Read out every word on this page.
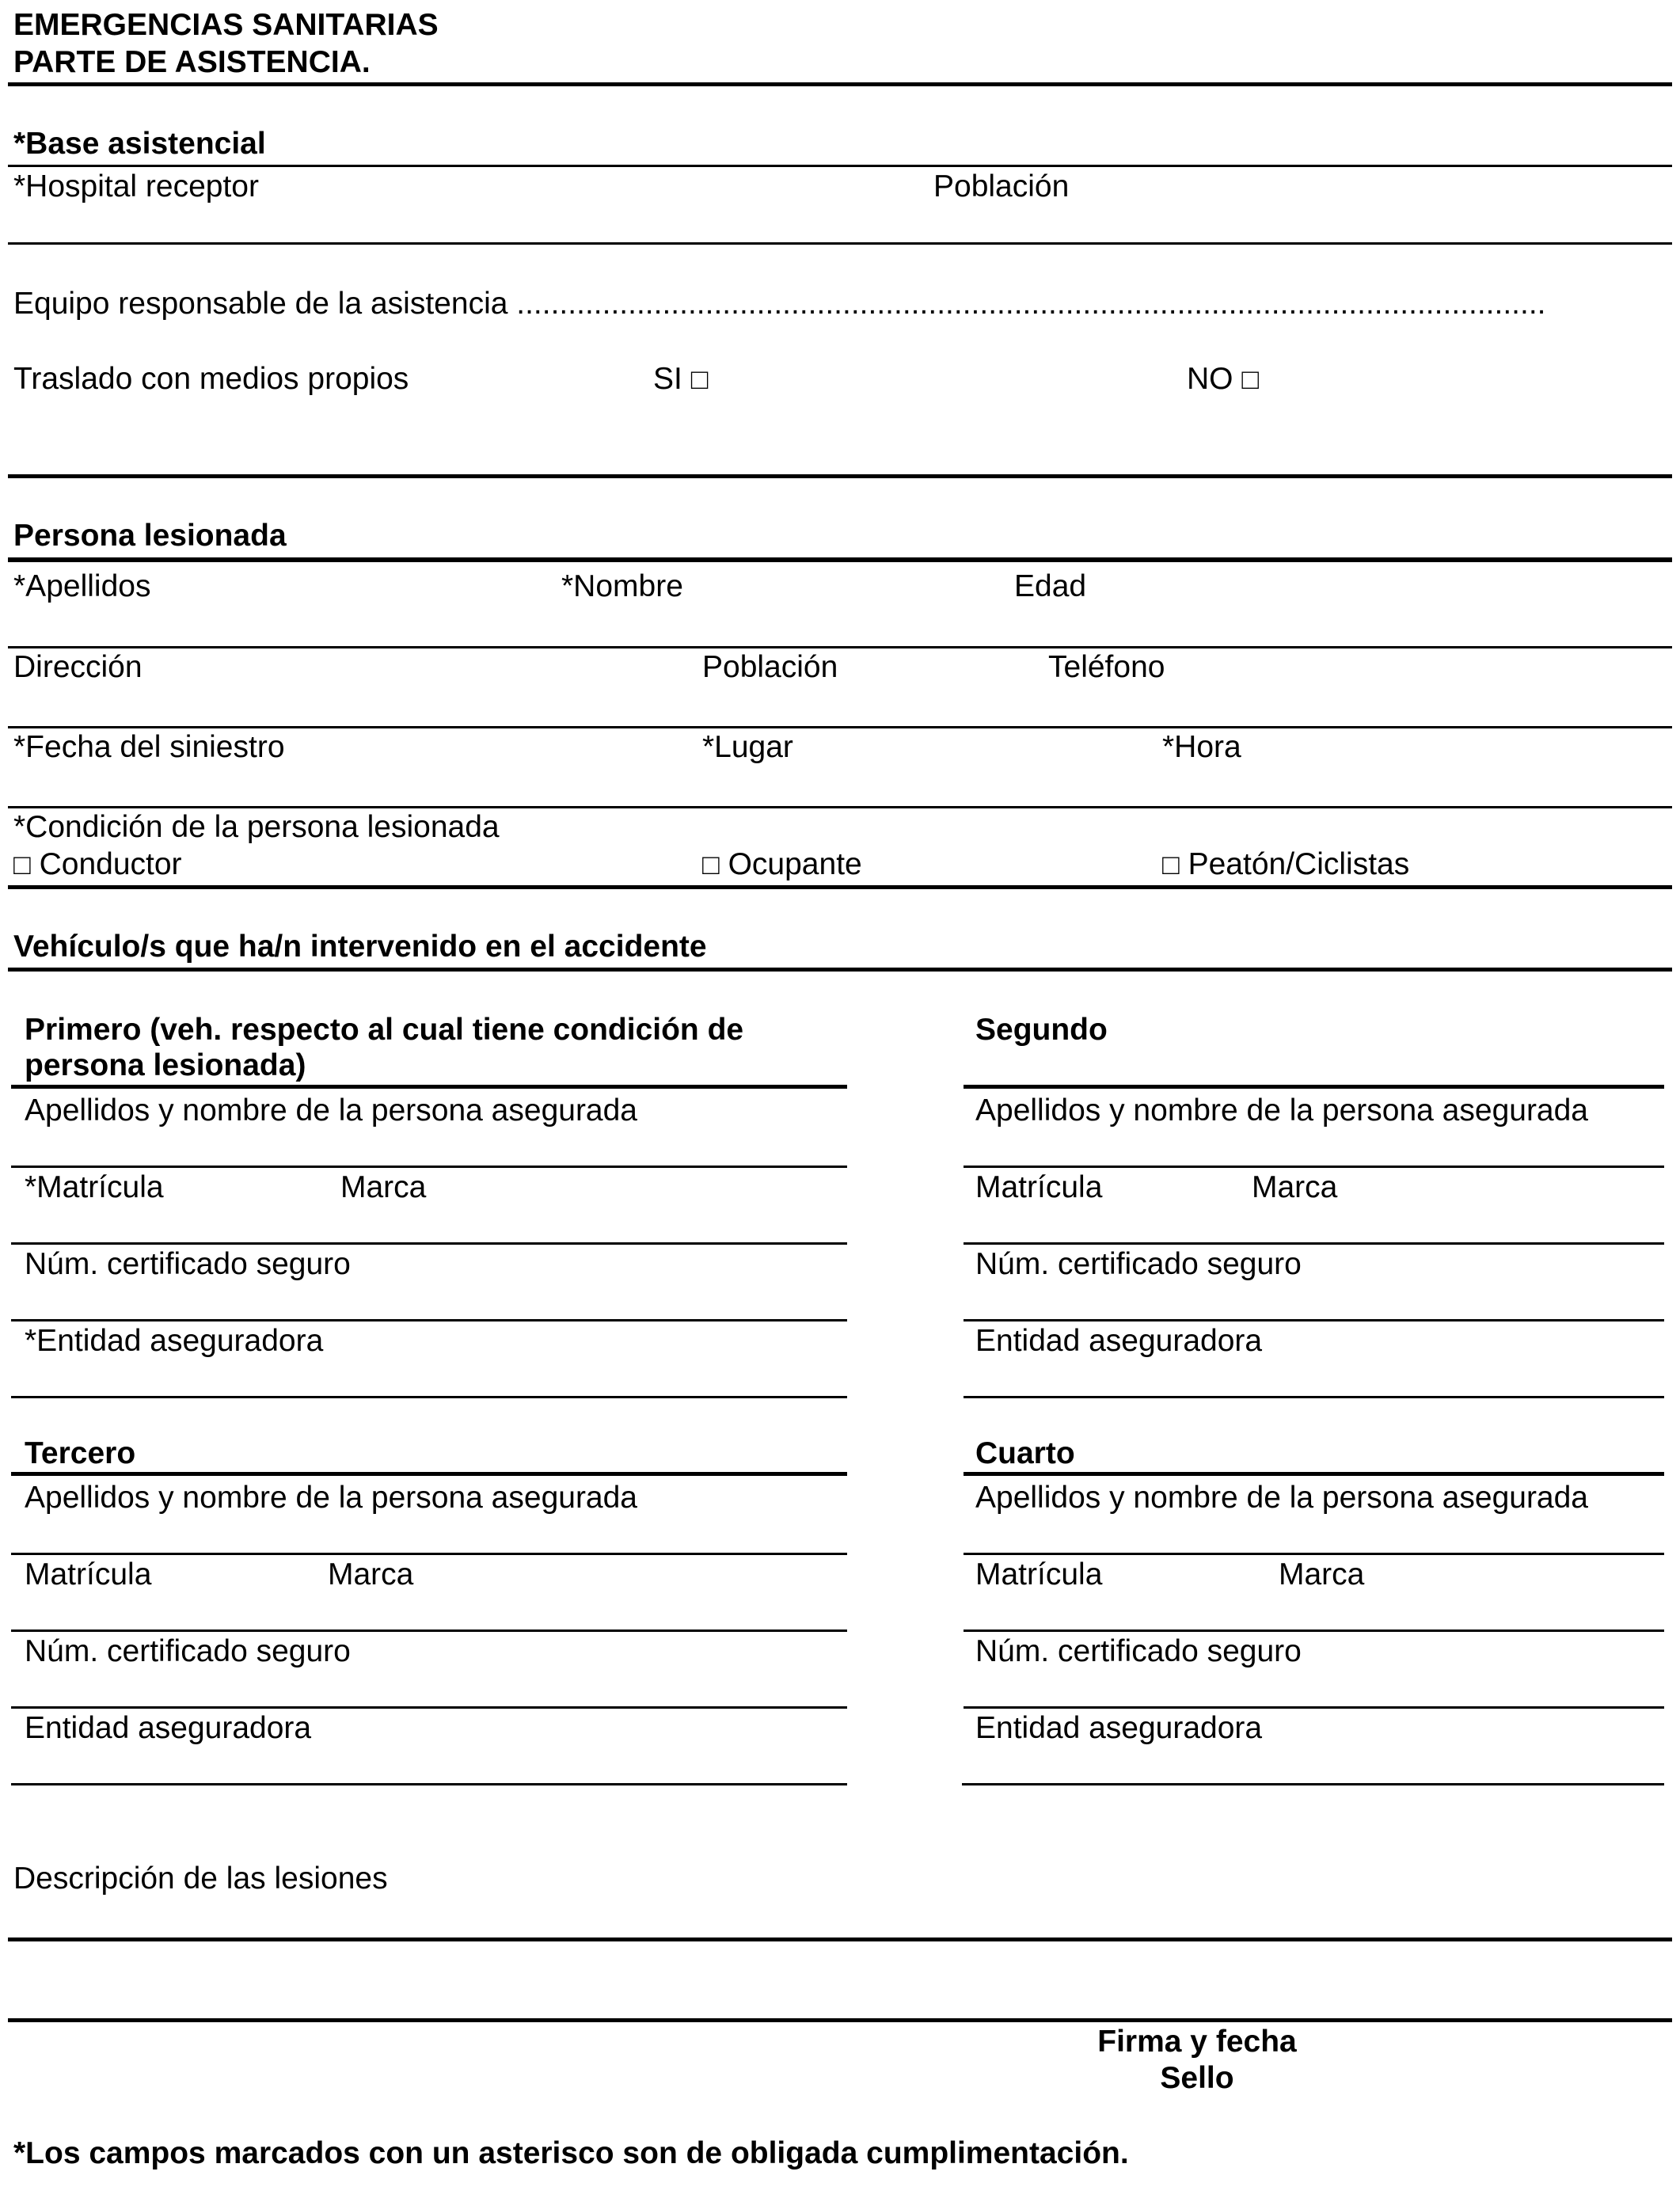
EMERGENCIAS SANITARIAS
PARTE DE ASISTENCIA.
*Base asistencial
*Hospital receptor	Población
Equipo responsable de la asistencia ........................................................................................................................
Traslado con medios propios	SI □	NO □
Persona lesionada
*Apellidos	*Nombre	Edad
Dirección	Población	Teléfono
*Fecha del siniestro	*Lugar	*Hora
*Condición de la persona lesionada
□ Conductor	□ Ocupante	□ Peatón/Ciclistas
Vehículo/s que ha/n intervenido en el accidente
Primero (veh. respecto al cual tiene condición de
persona lesionada)
Apellidos y nombre de la persona asegurada
*Matrícula	Marca
Núm. certificado seguro
*Entidad aseguradora
Segundo
Apellidos y nombre de la persona asegurada
Matrícula	Marca
Núm. certificado seguro
Entidad aseguradora
Tercero
Apellidos y nombre de la persona asegurada
Matrícula	Marca
Núm. certificado seguro
Entidad aseguradora
Cuarto
Apellidos y nombre de la persona asegurada
Matrícula	Marca
Núm. certificado seguro
Entidad aseguradora
Descripción de las lesiones
Firma y fecha
Sello
*Los campos marcados con un asterisco son de obligada cumplimentación.
